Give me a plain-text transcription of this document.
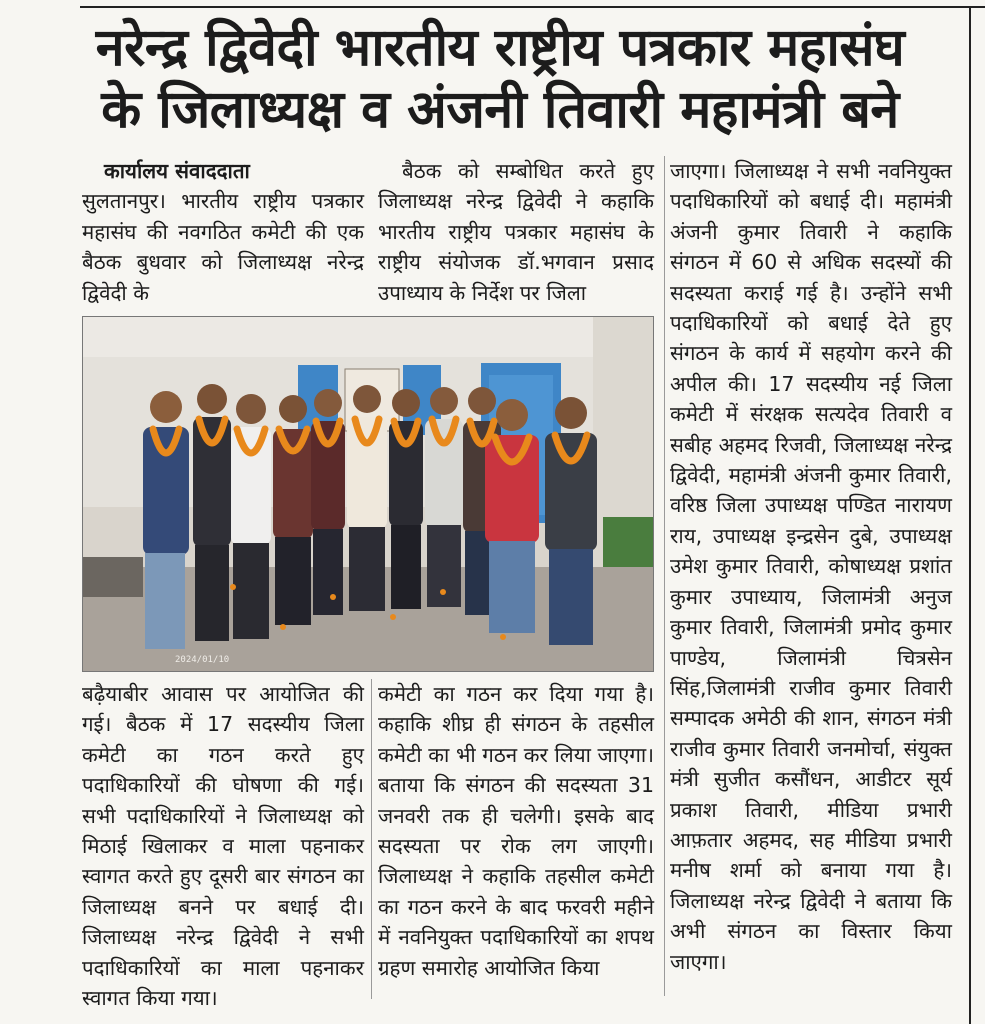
नरेन्द्र द्विवेदी भारतीय राष्ट्रीय पत्रकार महासंघ
के जिलाध्यक्ष व अंजनी तिवारी महामंत्री बने

कार्यालय संवाददाता
सुलतानपुर। भारतीय राष्ट्रीय पत्रकार महासंघ की नवगठित कमेटी की एक बैठक बुधवार को जिलाध्यक्ष नरेन्द्र द्विवेदी के

बैठक को सम्बोधित करते हुए जिलाध्यक्ष नरेन्द्र द्विवेदी ने कहाकि भारतीय राष्ट्रीय पत्रकार महासंघ के राष्ट्रीय संयोजक डॉ.भगवान प्रसाद उपाध्याय के निर्देश पर जिला

जाएगा। जिलाध्यक्ष ने सभी नवनियुक्त पदाधिकारियों को बधाई दी। महामंत्री अंजनी कुमार तिवारी ने कहाकि संगठन में 60 से अधिक सदस्यों की सदस्यता कराई गई है। उन्होंने सभी पदाधिकारियों को बधाई देते हुए संगठन के कार्य में सहयोग करने की अपील की। 17 सदस्यीय नई जिला कमेटी में संरक्षक सत्यदेव तिवारी व सबीह अहमद रिजवी, जिलाध्यक्ष नरेन्द्र द्विवेदी, महामंत्री अंजनी कुमार तिवारी, वरिष्ठ जिला उपाध्यक्ष पण्डित नारायण राय, उपाध्यक्ष इन्द्रसेन दुबे, उपाध्यक्ष उमेश कुमार तिवारी, कोषाध्यक्ष प्रशांत कुमार उपाध्याय, जिलामंत्री अनुज कुमार तिवारी, जिलामंत्री प्रमोद कुमार पाण्डेय, जिलामंत्री चित्रसेन सिंह,जिलामंत्री राजीव कुमार तिवारी सम्पादक अमेठी की शान, संगठन मंत्री राजीव कुमार तिवारी जनमोर्चा, संयुक्त मंत्री सुजीत कसौंधन, आडीटर सूर्य प्रकाश तिवारी, मीडिया प्रभारी आफ़तार अहमद, सह मीडिया प्रभारी मनीष शर्मा को बनाया गया है। जिलाध्यक्ष नरेन्द्र द्विवेदी ने बताया कि अभी संगठन का विस्तार किया जाएगा।

2024/01/10

बढ़ैयाबीर आवास पर आयोजित की गई। बैठक में 17 सदस्यीय जिला कमेटी का गठन करते हुए पदाधिकारियों की घोषणा की गई। सभी पदाधिकारियों ने जिलाध्यक्ष को मिठाई खिलाकर व माला पहनाकर स्वागत करते हुए दूसरी बार संगठन का जिलाध्यक्ष बनने पर बधाई दी। जिलाध्यक्ष नरेन्द्र द्विवेदी ने सभी पदाधिकारियों का माला पहनाकर स्वागत किया गया।

कमेटी का गठन कर दिया गया है। कहाकि शीघ्र ही संगठन के तहसील कमेटी का भी गठन कर लिया जाएगा। बताया कि संगठन की सदस्यता 31 जनवरी तक ही चलेगी। इसके बाद सदस्यता पर रोक लग जाएगी। जिलाध्यक्ष ने कहाकि तहसील कमेटी का गठन करने के बाद फरवरी महीने में नवनियुक्त पदाधिकारियों का शपथ ग्रहण समारोह आयोजित किया
